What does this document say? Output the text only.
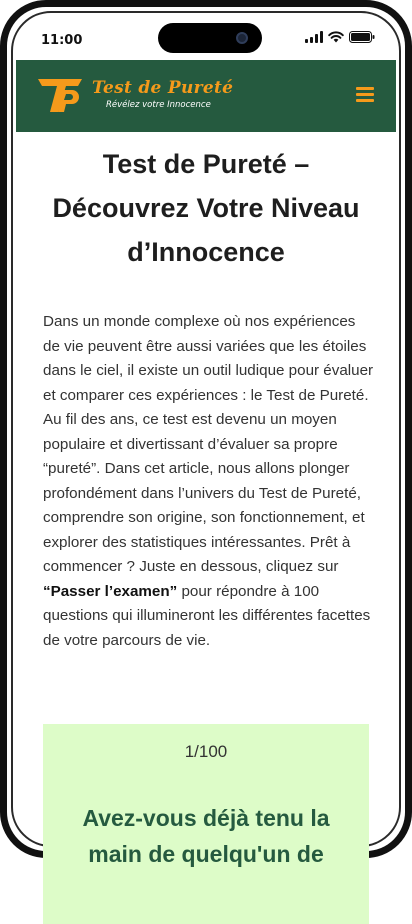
11:00
Test de Pureté
Révélez votre Innocence
Test de Pureté – Découvrez Votre Niveau d’Innocence

Dans un monde complexe où nos expériences de vie peuvent être aussi variées que les étoiles dans le ciel, il existe un outil ludique pour évaluer et comparer ces expériences : le Test de Pureté. Au fil des ans, ce test est devenu un moyen populaire et divertissant d’évaluer sa propre “pureté”. Dans cet article, nous allons plonger profondément dans l’univers du Test de Pureté, comprendre son origine, son fonctionnement, et explorer des statistiques intéressantes. Prêt à commencer ? Juste en dessous, cliquez sur “Passer l’examen” pour répondre à 100 questions qui illumineront les différentes facettes de votre parcours de vie.

1/100
Avez-vous déjà tenu la main de quelqu'un de
